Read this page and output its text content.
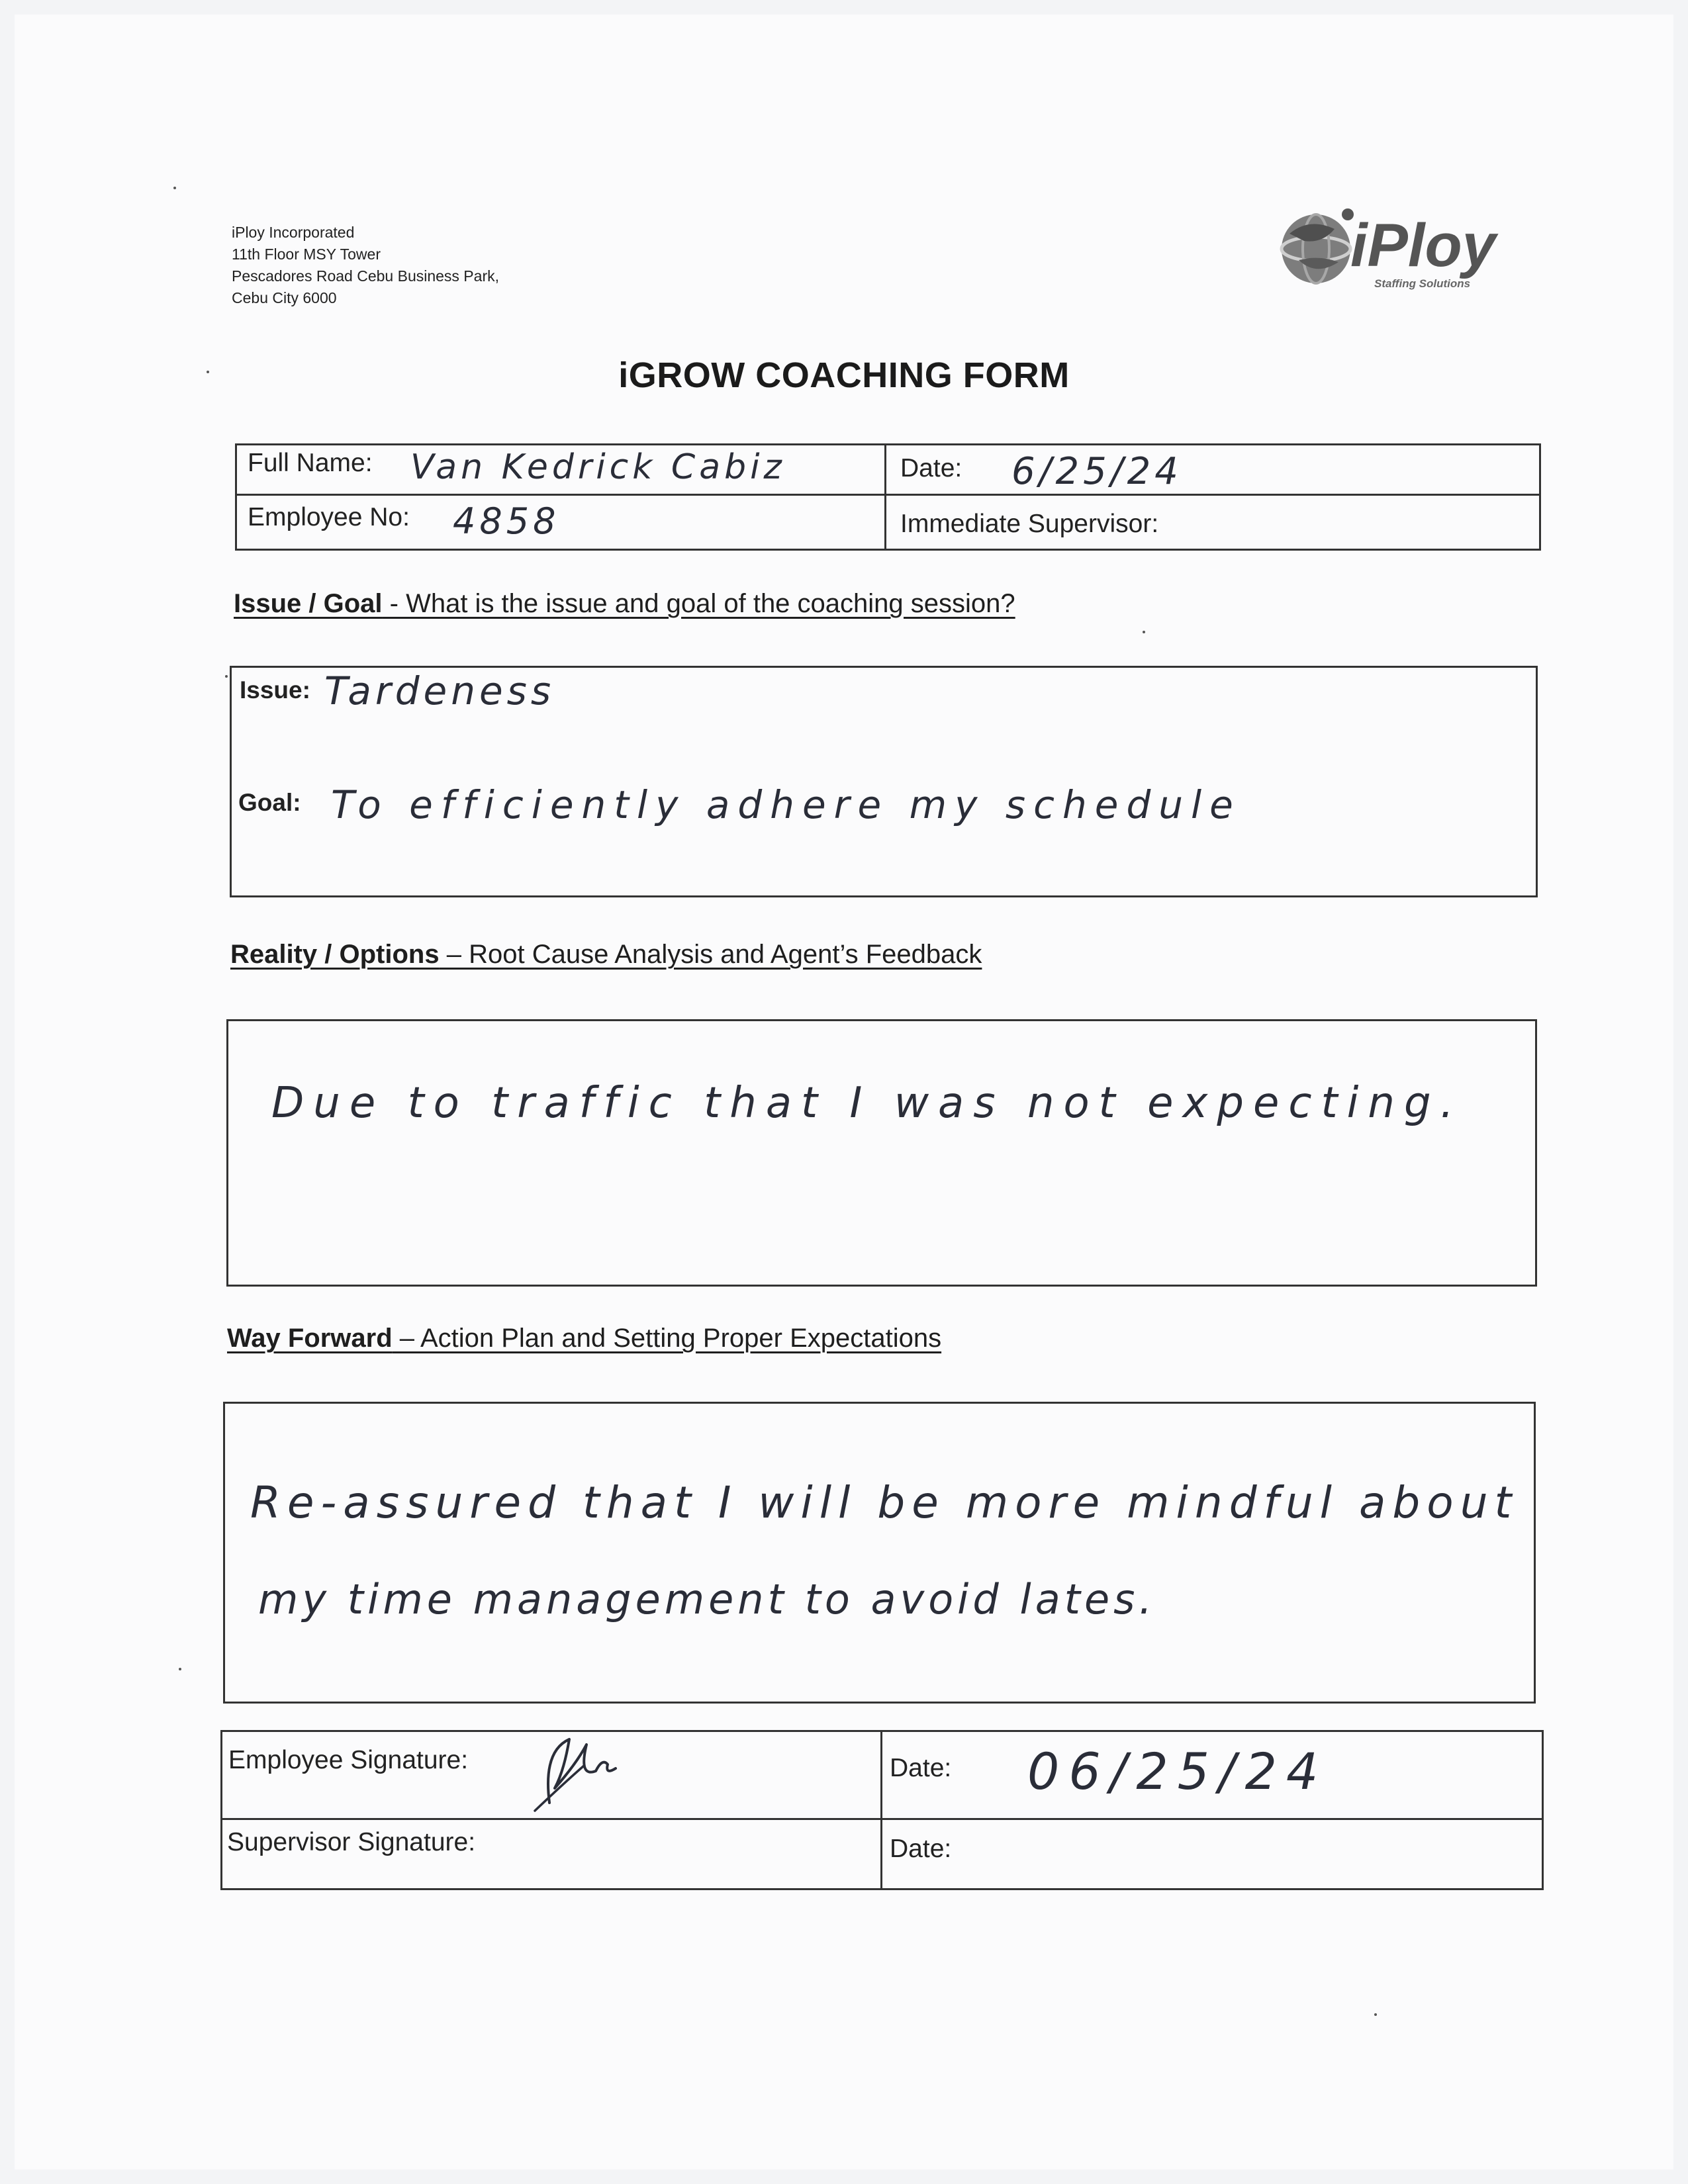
iPloy Incorporated
11th Floor MSY Tower
Pescadores Road Cebu Business Park,
Cebu City 6000
iPloy
Staffing Solutions
iGROW COACHING FORM
Full Name: Van Kedrick Cabiz	Date: 6/25/24
Employee No: 4858	Immediate Supervisor:
Issue / Goal - What is the issue and goal of the coaching session?
Issue: Tardeness
Goal: To efficiently adhere my schedule
Reality / Options – Root Cause Analysis and Agent’s Feedback
Due to traffic that I was not expecting.
Way Forward – Action Plan and Setting Proper Expectations
Re-assured that I will be more mindful about
my time management to avoid lates.
Employee Signature:	Date: 06/25/24
Supervisor Signature:	Date:
